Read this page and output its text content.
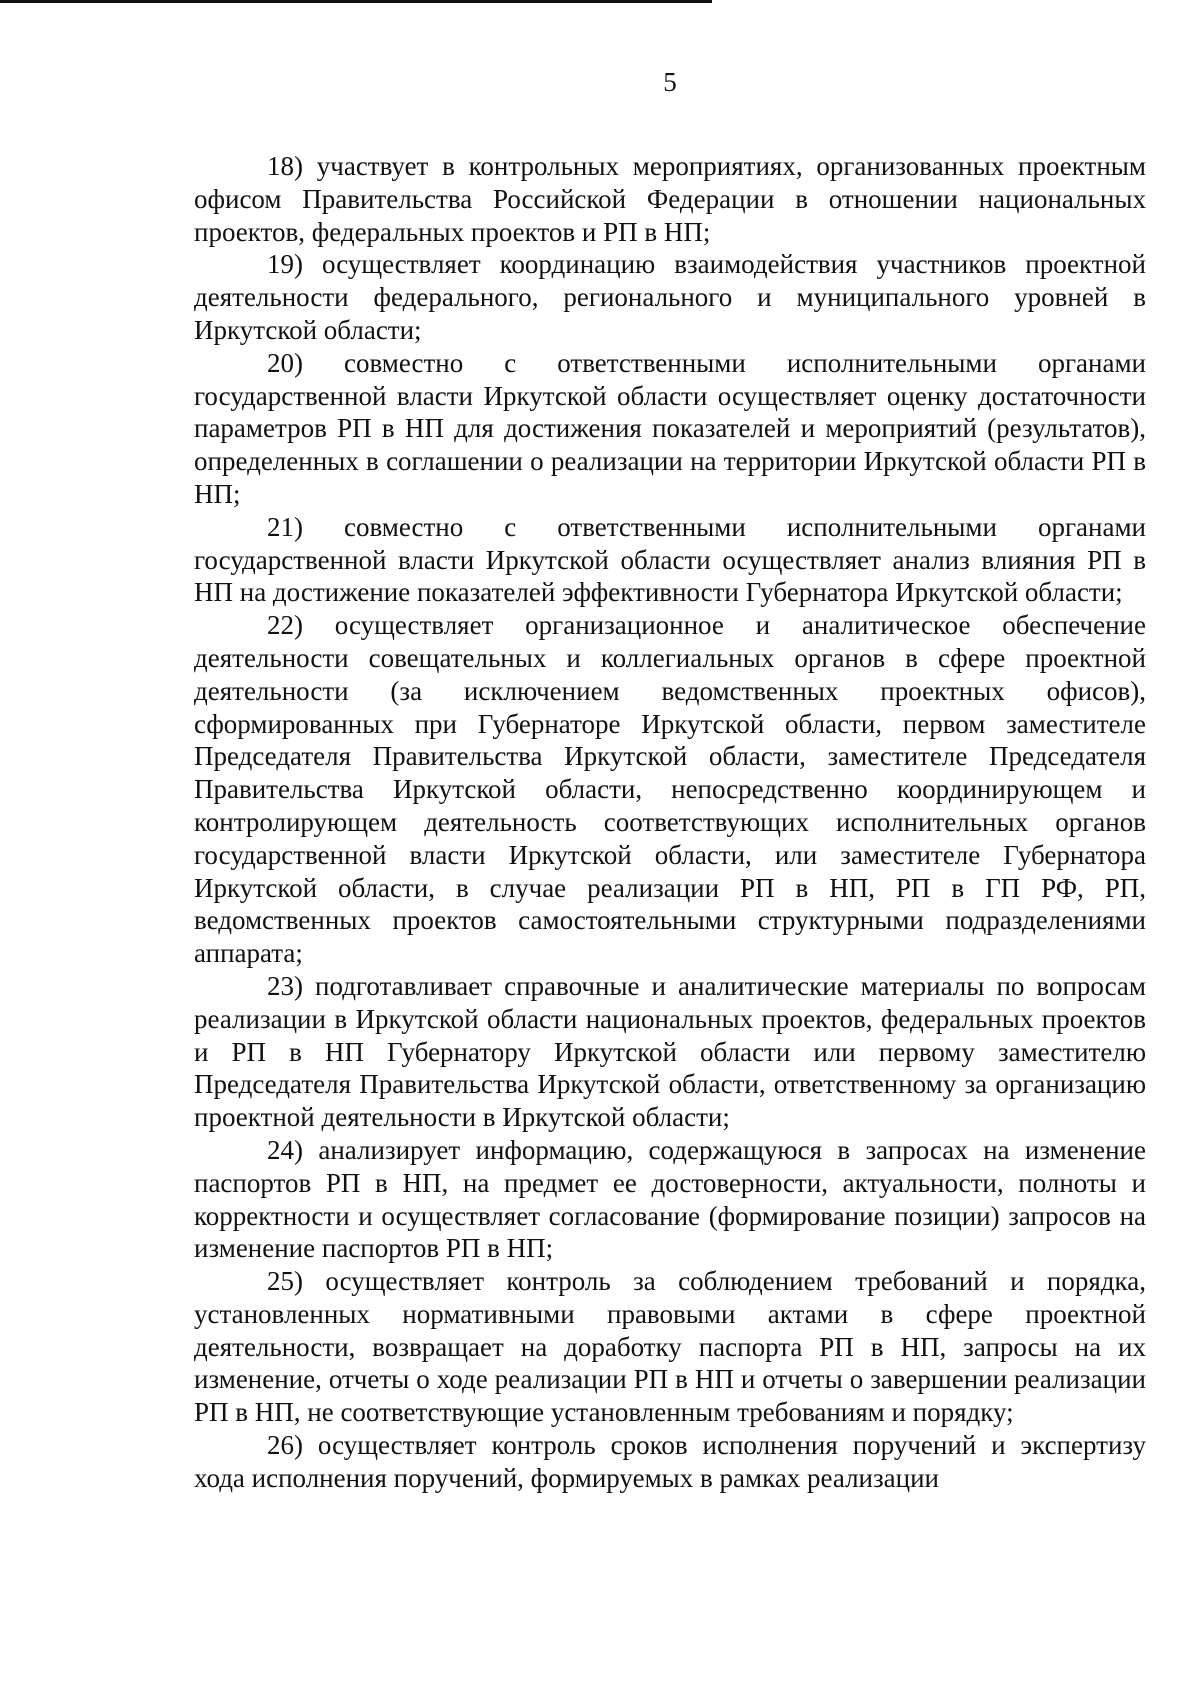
5

18) участвует в контрольных мероприятиях, организованных проектным офисом Правительства Российской Федерации в отношении национальных проектов, федеральных проектов и РП в НП;

19) осуществляет координацию взаимодействия участников проектной деятельности федерального, регионального и муниципального уровней в Иркутской области;

20) совместно с ответственными исполнительными органами государственной власти Иркутской области осуществляет оценку достаточности параметров РП в НП для достижения показателей и мероприятий (результатов), определенных в соглашении о реализации на территории Иркутской области РП в НП;

21) совместно с ответственными исполнительными органами государственной власти Иркутской области осуществляет анализ влияния РП в НП на достижение показателей эффективности Губернатора Иркутской области;

22) осуществляет организационное и аналитическое обеспечение деятельности совещательных и коллегиальных органов в сфере проектной деятельности (за исключением ведомственных проектных офисов), сформированных при Губернаторе Иркутской области, первом заместителе Председателя Правительства Иркутской области, заместителе Председателя Правительства Иркутской области, непосредственно координирующем и контролирующем деятельность соответствующих исполнительных органов государственной власти Иркутской области, или заместителе Губернатора Иркутской области, в случае реализации РП в НП, РП в ГП РФ, РП, ведомственных проектов самостоятельными структурными подразделениями аппарата;

23) подготавливает справочные и аналитические материалы по вопросам реализации в Иркутской области национальных проектов, федеральных проектов и РП в НП Губернатору Иркутской области или первому заместителю Председателя Правительства Иркутской области, ответственному за организацию проектной деятельности в Иркутской области;

24) анализирует информацию, содержащуюся в запросах на изменение паспортов РП в НП, на предмет ее достоверности, актуальности, полноты и корректности и осуществляет согласование (формирование позиции) запросов на изменение паспортов РП в НП;

25) осуществляет контроль за соблюдением требований и порядка, установленных нормативными правовыми актами в сфере проектной деятельности, возвращает на доработку паспорта РП в НП, запросы на их изменение, отчеты о ходе реализации РП в НП и отчеты о завершении реализации РП в НП, не соответствующие установленным требованиям и порядку;

26) осуществляет контроль сроков исполнения поручений и экспертизу хода исполнения поручений, формируемых в рамках реализации
